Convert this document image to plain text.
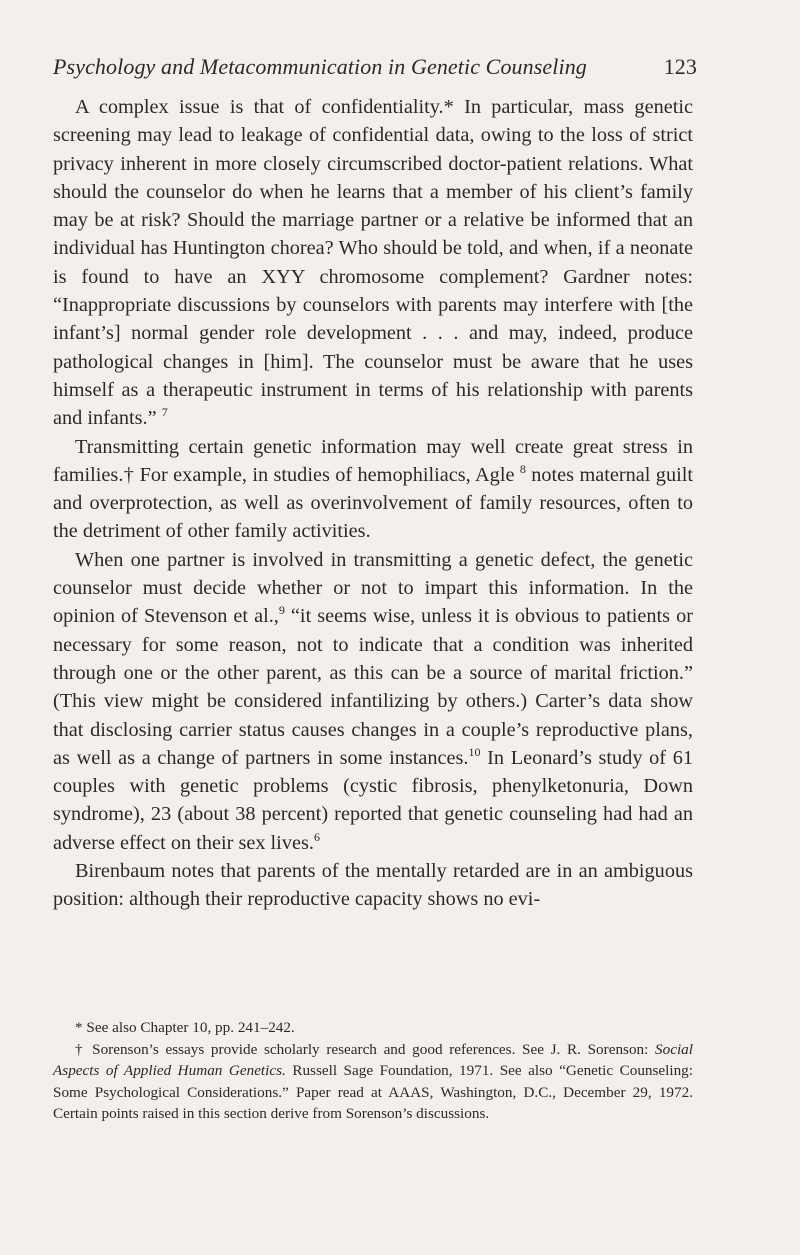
Psychology and Metacommunication in Genetic Counseling	123

A complex issue is that of confidentiality.* In particular, mass genetic screening may lead to leakage of confidential data, owing to the loss of strict privacy inherent in more closely circumscribed doctor-patient relations. What should the counselor do when he learns that a member of his client’s family may be at risk? Should the marriage partner or a relative be informed that an individual has Huntington chorea? Who should be told, and when, if a neonate is found to have an XYY chromosome complement? Gardner notes: “Inappropriate discussions by counselors with parents may interfere with [the infant’s] normal gender role development . . . and may, indeed, produce pathological changes in [him]. The counselor must be aware that he uses himself as a therapeutic instrument in terms of his relationship with parents and infants.” $^7$

Transmitting certain genetic information may well create great stress in families.† For example, in studies of hemophiliacs, Agle $^8$ notes maternal guilt and overprotection, as well as overinvolvement of family resources, often to the detriment of other family activities.

When one partner is involved in transmitting a genetic defect, the genetic counselor must decide whether or not to impart this information. In the opinion of Stevenson et al.,$^9$ “it seems wise, unless it is obvious to patients or necessary for some reason, not to indicate that a condition was inherited through one or the other parent, as this can be a source of marital friction.” (This view might be considered infantilizing by others.) Carter’s data show that disclosing carrier status causes changes in a couple’s reproductive plans, as well as a change of partners in some instances.$^{10}$ In Leonard’s study of 61 couples with genetic problems (cystic fibrosis, phenylketonuria, Down syndrome), 23 (about 38 percent) reported that genetic counseling had had an adverse effect on their sex lives.$^6$

Birenbaum notes that parents of the mentally retarded are in an ambiguous position: although their reproductive capacity shows no evi-

* See also Chapter 10, pp. 241–242.

† Sorenson’s essays provide scholarly research and good references. See J. R. Sorenson: Social Aspects of Applied Human Genetics. Russell Sage Foundation, 1971. See also “Genetic Counseling: Some Psychological Considerations.” Paper read at AAAS, Washington, D.C., December 29, 1972. Certain points raised in this section derive from Sorenson’s discussions.
